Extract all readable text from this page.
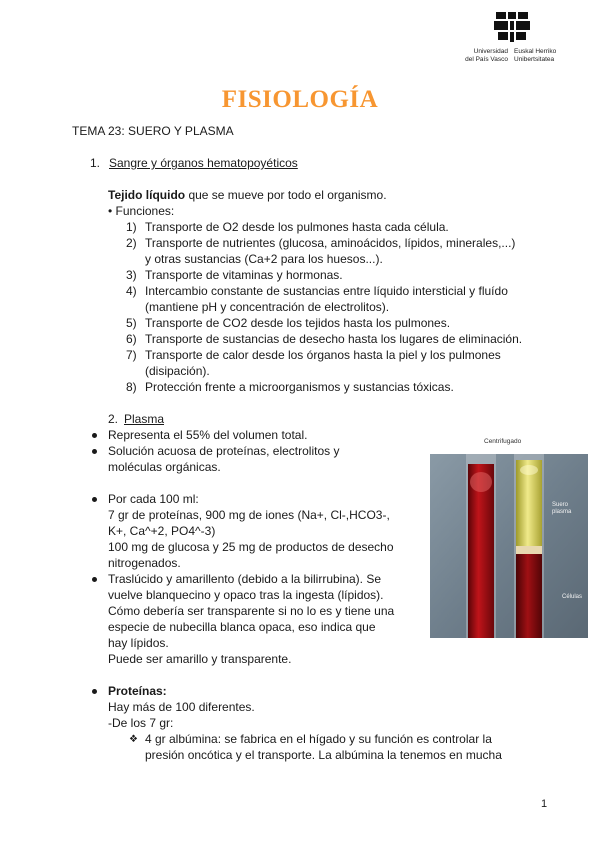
Universidad
del País Vasco
Euskal Herriko
Unibertsitatea
FISIOLOGÍA
TEMA 23: SUERO Y PLASMA
1. Sangre y órganos hematopoyéticos
Tejido líquido que se mueve por todo el organismo.
• Funciones:
1) Transporte de O2 desde los pulmones hasta cada célula.
2) Transporte de nutrientes (glucosa, aminoácidos, lípidos, minerales,...)
y otras sustancias (Ca+2 para los huesos...).
3) Transporte de vitaminas y hormonas.
4) Intercambio constante de sustancias entre líquido intersticial y fluído
(mantiene pH y concentración de electrolitos).
5) Transporte de CO2 desde los tejidos hasta los pulmones.
6) Transporte de sustancias de desecho hasta los lugares de eliminación.
7) Transporte de calor desde los órganos hasta la piel y los pulmones
(disipación).
8) Protección frente a microorganismos y sustancias tóxicas.
2. Plasma
Representa el 55% del volumen total.
Solución acuosa de proteínas, electrolitos y
moléculas orgánicas.
Por cada 100 ml:
7 gr de proteínas, 900 mg de iones (Na+, Cl-,HCO3-,
K+, Ca^+2, PO4^-3)
100 mg de glucosa y 25 mg de productos de desecho
nitrogenados.
Traslúcido y amarillento (debido a la bilirrubina). Se
vuelve blanquecino y opaco tras la ingesta (lípidos).
Cómo debería ser transparente si no lo es y tiene una
especie de nubecilla blanca opaca, eso indica que
hay lípidos.
Puede ser amarillo y transparente.
Proteínas:
Hay más de 100 diferentes.
-De los 7 gr:
❖ 4 gr albúmina: se fabrica en el hígado y su función es controlar la
presión oncótica y el transporte. La albúmina la tenemos en mucha
Centrifugado
Suero
plasma
Células
1
